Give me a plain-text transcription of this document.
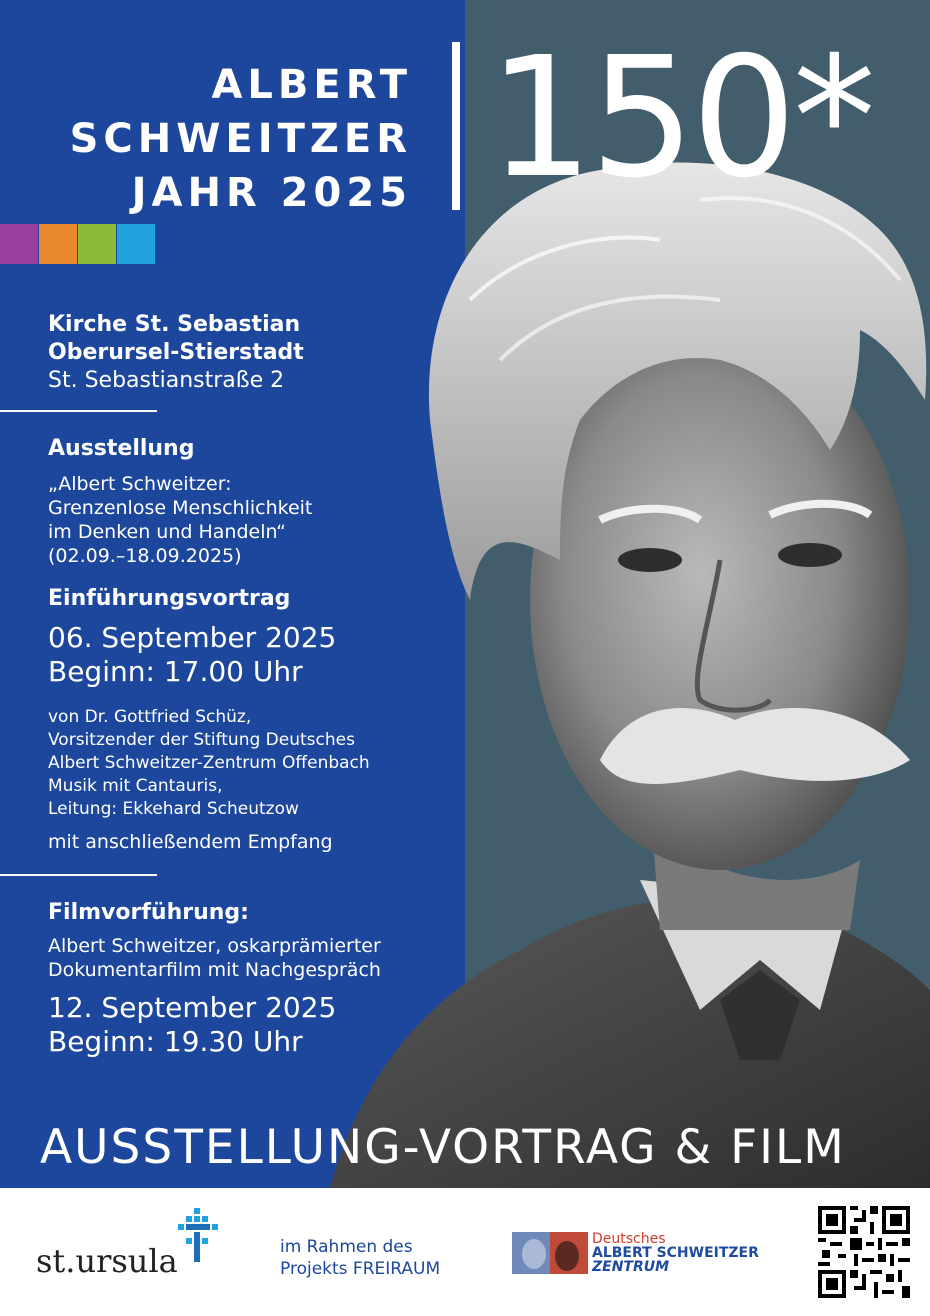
ALBERT
SCHWEITZER
JAHR 2025 150*
Kirche St. Sebastian
Oberursel-Stierstadt
St. Sebastianstraße 2
Ausstellung
„Albert Schweitzer:
Grenzenlose Menschlichkeit
im Denken und Handeln“
(02.09.–18.09.2025)
Einführungsvortrag
06. September 2025
Beginn: 17.00 Uhr
von Dr. Gottfried Schüz,
Vorsitzender der Stiftung Deutsches
Albert Schweitzer-Zentrum Offenbach
Musik mit Cantauris,
Leitung: Ekkehard Scheutzow
mit anschließendem Empfang
Filmvorführung:
Albert Schweitzer, oskarprämierter
Dokumentarfilm mit Nachgespräch
12. September 2025
Beginn: 19.30 Uhr
AUSSTELLUNG-VORTRAG & FILM
st.ursula	im Rahmen des
Projekts FREIRAUM
Deutsches
ALBERT SCHWEITZER
ZENTRUM
